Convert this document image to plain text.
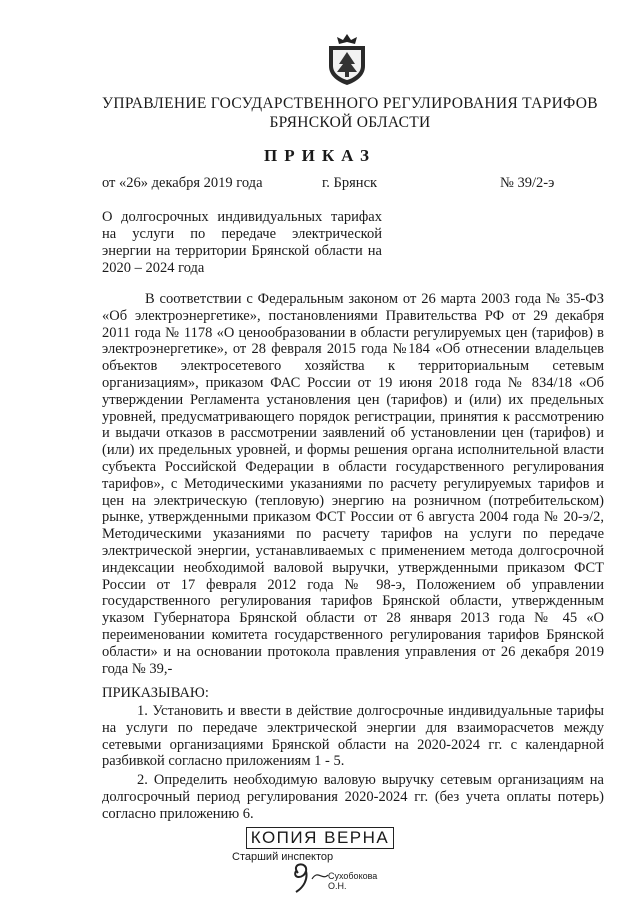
УПРАВЛЕНИЕ ГОСУДАРСТВЕННОГО РЕГУЛИРОВАНИЯ ТАРИФОВ
БРЯНСКОЙ ОБЛАСТИ
ПРИКАЗ
от «26» декабря 2019 года	г. Брянск	№ 39/2-э
О долгосрочных индивидуальных тарифах на услуги по передаче электрической энергии на территории Брянской области на 2020 – 2024 года

В соответствии с Федеральным законом от 26 марта 2003 года № 35-ФЗ «Об электроэнергетике», постановлениями Правительства РФ от 29 декабря 2011 года № 1178 «О ценообразовании в области регулируемых цен (тарифов) в электроэнергетике», от 28 февраля 2015 года №184 «Об отнесении владельцев объектов электросетевого хозяйства к территориальным сетевым организациям», приказом ФАС России от 19 июня 2018 года № 834/18 «Об утверждении Регламента установления цен (тарифов) и (или) их предельных уровней, предусматривающего порядок регистрации, принятия к рассмотрению и выдачи отказов в рассмотрении заявлений об установлении цен (тарифов) и (или) их предельных уровней, и формы решения органа исполнительной власти субъекта Российской Федерации в области государственного регулирования тарифов», с Методическими указаниями по расчету регулируемых тарифов и цен на электрическую (тепловую) энергию на розничном (потребительском) рынке, утвержденными приказом ФСТ России от 6 августа 2004 года № 20-э/2, Методическими указаниями по расчету тарифов на услуги по передаче электрической энергии, устанавливаемых с применением метода долгосрочной индексации необходимой валовой выручки, утвержденными приказом ФСТ России от 17 февраля 2012 года № 98-э, Положением об управлении государственного регулирования тарифов Брянской области, утвержденным указом Губернатора Брянской области от 28 января 2013 года № 45 «О переименовании комитета государственного регулирования тарифов Брянской области» и на основании протокола правления управления от 26 декабря 2019 года № 39,-

ПРИКАЗЫВАЮ:

1. Установить и ввести в действие долгосрочные индивидуальные тарифы на услуги по передаче электрической энергии для взаиморасчетов между сетевыми организациями Брянской области на 2020-2024 гг. с календарной разбивкой согласно приложениям 1 - 5.

2. Определить необходимую валовую выручку сетевым организациям на долгосрочный период регулирования 2020-2024 гг. (без учета оплаты потерь) согласно приложению 6.

КОПИЯ ВЕРНА
Старший инспектор
Сухобокова О.Н.
